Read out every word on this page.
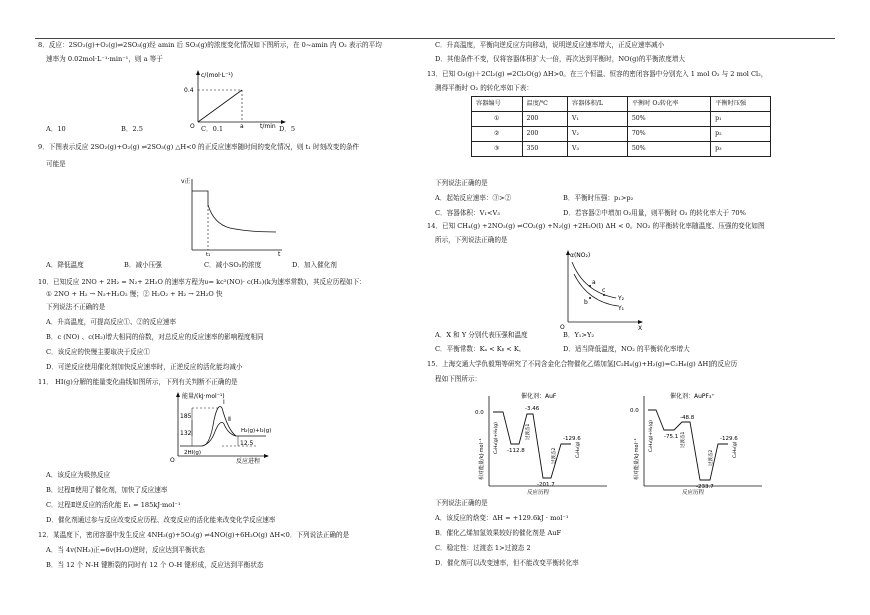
8．反应：2SO₂(g)+O₂(g)⇌2SO₃(g)经 amin 后 SO₃(g)的浓度变化情况如下图所示，在 0~amin 内 O₂ 表示的平均
速率为 0.02mol·L⁻¹·min⁻¹，则 a 等于
c/(mol·L⁻¹)
0.4
O	a	t/min
A．10	B．2.5	C．0.1	D．5
9．下图表示反应 2SO₂(g)+O₂(g) ⇌2SO₃(g) △H<0 的正反应速率随时间的变化情况，则 t₁ 时刻改变的条件
可能是
v正
t₁	t
A．降低温度	B．减小压强	C．减小SO₃的浓度	D．加入催化剂
10．已知反应 2NO + 2H₂ = N₂+ 2H₂O 的速率方程为υ= kc²(NO)· c(H₂)(k为速率常数)，其反应历程如下：
① 2NO + H₂ → N₂+H₂O₂ 慢；② H₂O₂ + H₂ → 2H₂O 快
下列说法不正确的是
A．升高温度，可提高反应①、②的反应速率
B．c (NO) 、c(H₂)增大相同的倍数，对总反应的反应速率的影响程度相同
C．该反应的快慢主要取决于反应①
D．可逆反应使用催化剂加快反应速率时，正逆反应的活化能均减小
11． HI(g)分解的能量变化曲线如图所示，下列有关判断不正确的是
能量/(kJ·mol⁻¹)
185
132
12.5
Ⅰ
Ⅱ
H₂(g)+I₂(g)
2HI(g)
O	反应进程
A．该反应为吸热反应
B．过程Ⅱ使用了催化剂，加快了反应速率
C．过程Ⅱ逆反应的活化能 E₁ = 185kJ·mol⁻¹
D．催化剂通过参与反应改变反应历程、改变反应的活化能来改变化学反应速率
12．某温度下，密闭容器中发生反应 4NH₃(g)+5O₂(g) ⇌4NO(g)+6H₂O(g) ΔH<0．下列说法正确的是
A．当 4v(NH₃)正=6v(H₂O)逆时，反应达到平衡状态
B．当 12 个 N-H 键断裂的同时有 12 个 O-H 键形成，反应达到平衡状态
C．升高温度，平衡向逆反应方向移动，说明逆反应速率增大，正反应速率减小
D．其他条件不变，仅将容器体积扩大一倍，再次达到平衡时，NO(g)的平衡浓度增大
13．已知 O₂(g)＋2Cl₂(g) ⇌2Cl₂O(g) ΔH>0。在三个恒温、恒容的密闭容器中分别充入 1 mol O₂ 与 2 mol Cl₂，
测得平衡时 O₂ 的转化率如下表：
容器编号	温度/℃	容器体积/L	平衡时 O₂转化率	平衡时压强
①	200	V₁	50%	p₁
②	200	V₂	70%	p₂
③	350	V₃	50%	p₃
下列说法正确的是
A．起始反应速率：③>②	B．平衡时压强：p₁>p₂
C．容器体积：V₁<V₃	D．若容器②中增加 O₂用量，则平衡时 O₂ 的转化率大于 70%
14．已知 CH₄(g) +2NO₂(g) ⇌CO₂(g) +N₂(g) +2H₂O(l) ΔH < 0。NO₂ 的平衡转化率随温度、压强的变化如图
所示，下列说法正确的是
α(NO₂)
a
b
c
Y₂
Y₁
O	X
A．X 和 Y 分别代表压强和温度	B．Y₁>Y₂
C．平衡常数：Kₐ < Kᵦ < K꜀	D．适当降低温度，NO₂ 的平衡转化率增大
15．上海交通大学仇毅翔等研究了不同含金化合物催化乙烯加氢[C₂H₄(g)+H₂(g)=C₂H₆(g) ΔH]的反应历
程如下图所示：
相对能量/kJ·mol⁻¹
催化剂：AuF
0.0
-3.46
-112.8
-129.6
-201.7
过渡态1
过渡态2
C₂H₄(g)+H₂(g)	C₂H₆(g)
反应历程
相对能量/kJ·mol⁻¹
催化剂：AuPF₃⁺
0.0
-48.8
-75.1	-129.6
-233.7
过渡态1
过渡态2
C₂H₄(g)+H₂(g)	C₂H₆(g)
反应历程
下列说法正确的是
A．该反应的焓变：ΔH = +129.6kJ · mol⁻¹
B．催化乙烯加氢效果较好的催化剂是 AuF
C．稳定性：过渡态 1>过渡态 2
D．催化剂可以改变速率，但不能改变平衡转化率
